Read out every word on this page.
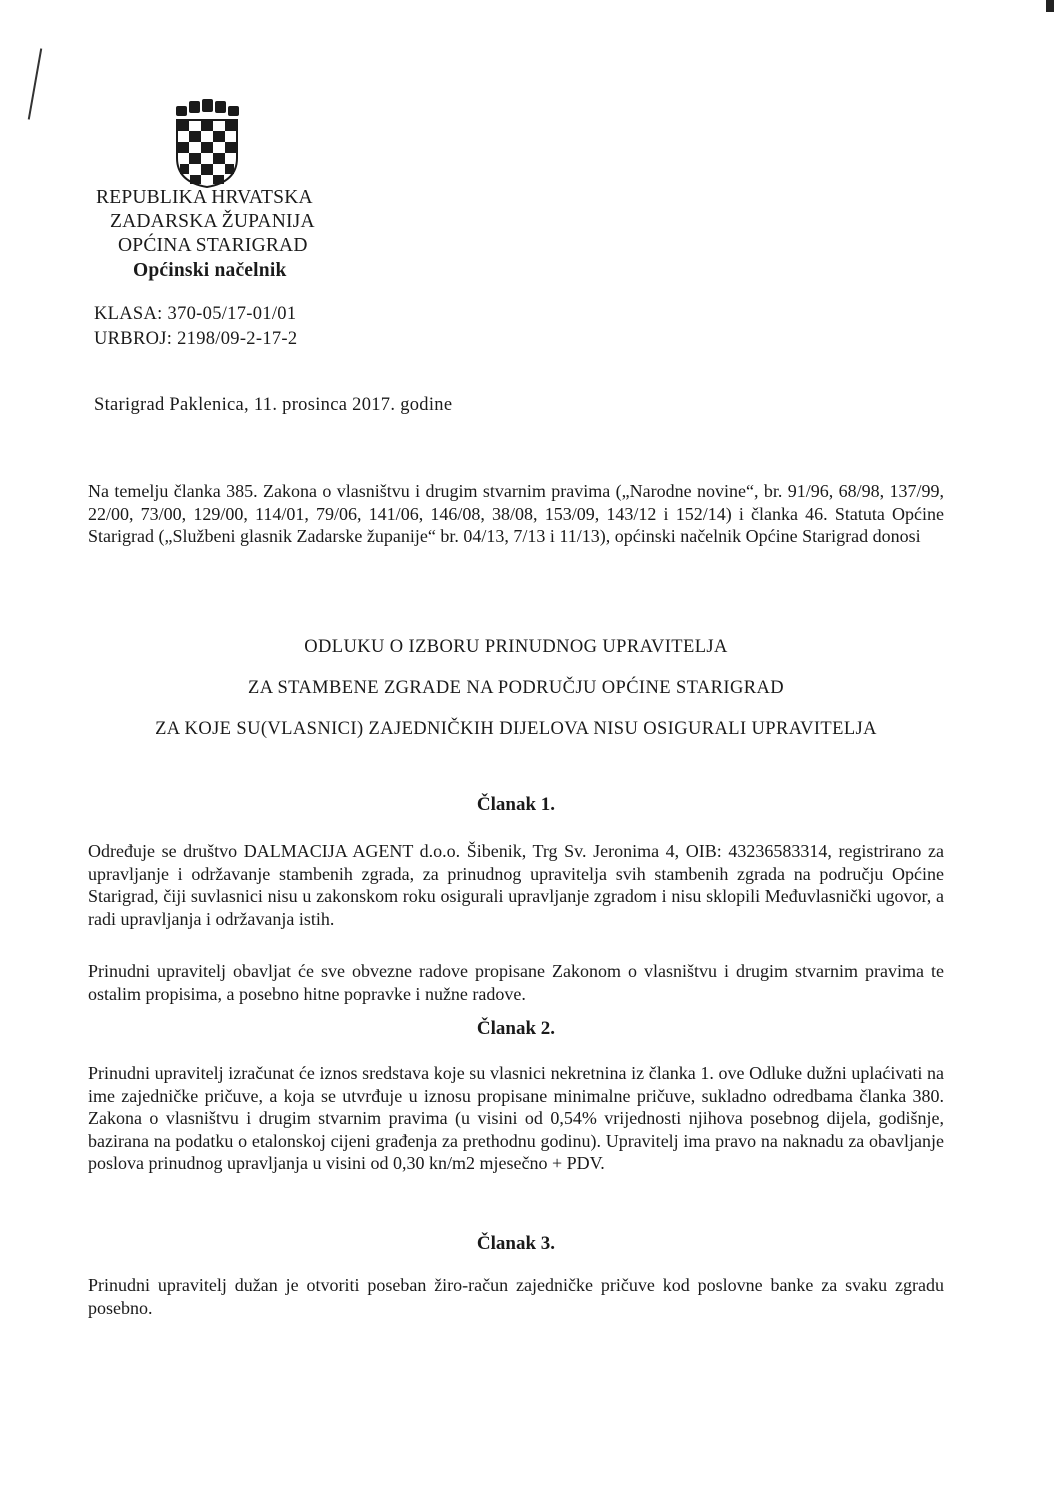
REPUBLIKA HRVATSKA
ZADARSKA ŽUPANIJA
OPĆINA STARIGRAD
Općinski načelnik
KLASA: 370-05/17-01/01
URBROJ: 2198/09-2-17-2
Starigrad Paklenica, 11. prosinca 2017. godine
Na temelju članka 385. Zakona o vlasništvu i drugim stvarnim pravima („Narodne novine“, br. 91/96, 68/98, 137/99, 22/00, 73/00, 129/00, 114/01, 79/06, 141/06, 146/08, 38/08, 153/09, 143/12 i 152/14) i članka 46. Statuta Općine Starigrad („Službeni glasnik Zadarske županije“ br. 04/13, 7/13 i 11/13), općinski načelnik Općine Starigrad donosi
ODLUKU O IZBORU PRINUDNOG UPRAVITELJA
ZA STAMBENE ZGRADE NA PODRUČJU OPĆINE STARIGRAD
ZA KOJE SU(VLASNICI) ZAJEDNIČKIH DIJELOVA NISU OSIGURALI UPRAVITELJA
Članak 1.
Određuje se društvo DALMACIJA AGENT d.o.o. Šibenik, Trg Sv. Jeronima 4, OIB: 43236583314, registrirano za upravljanje i održavanje stambenih zgrada, za prinudnog upravitelja svih stambenih zgrada na području Općine Starigrad, čiji suvlasnici nisu u zakonskom roku osigurali upravljanje zgradom i nisu sklopili Međuvlasnički ugovor, a radi upravljanja i održavanja istih.
Prinudni upravitelj obavljat će sve obvezne radove propisane Zakonom o vlasništvu i drugim stvarnim pravima te ostalim propisima, a posebno hitne popravke i nužne radove.
Članak 2.
Prinudni upravitelj izračunat će iznos sredstava koje su vlasnici nekretnina iz članka 1. ove Odluke dužni uplaćivati na ime zajedničke pričuve, a koja se utvrđuje u iznosu propisane minimalne pričuve, sukladno odredbama članka 380. Zakona o vlasništvu i drugim stvarnim pravima (u visini od 0,54% vrijednosti njihova posebnog dijela, godišnje, bazirana na podatku o etalonskoj cijeni građenja za prethodnu godinu). Upravitelj ima pravo na naknadu za obavljanje poslova prinudnog upravljanja u visini od 0,30 kn/m2 mjesečno + PDV.
Članak 3.
Prinudni upravitelj dužan je otvoriti poseban žiro-račun zajedničke pričuve kod poslovne banke za svaku zgradu posebno.
